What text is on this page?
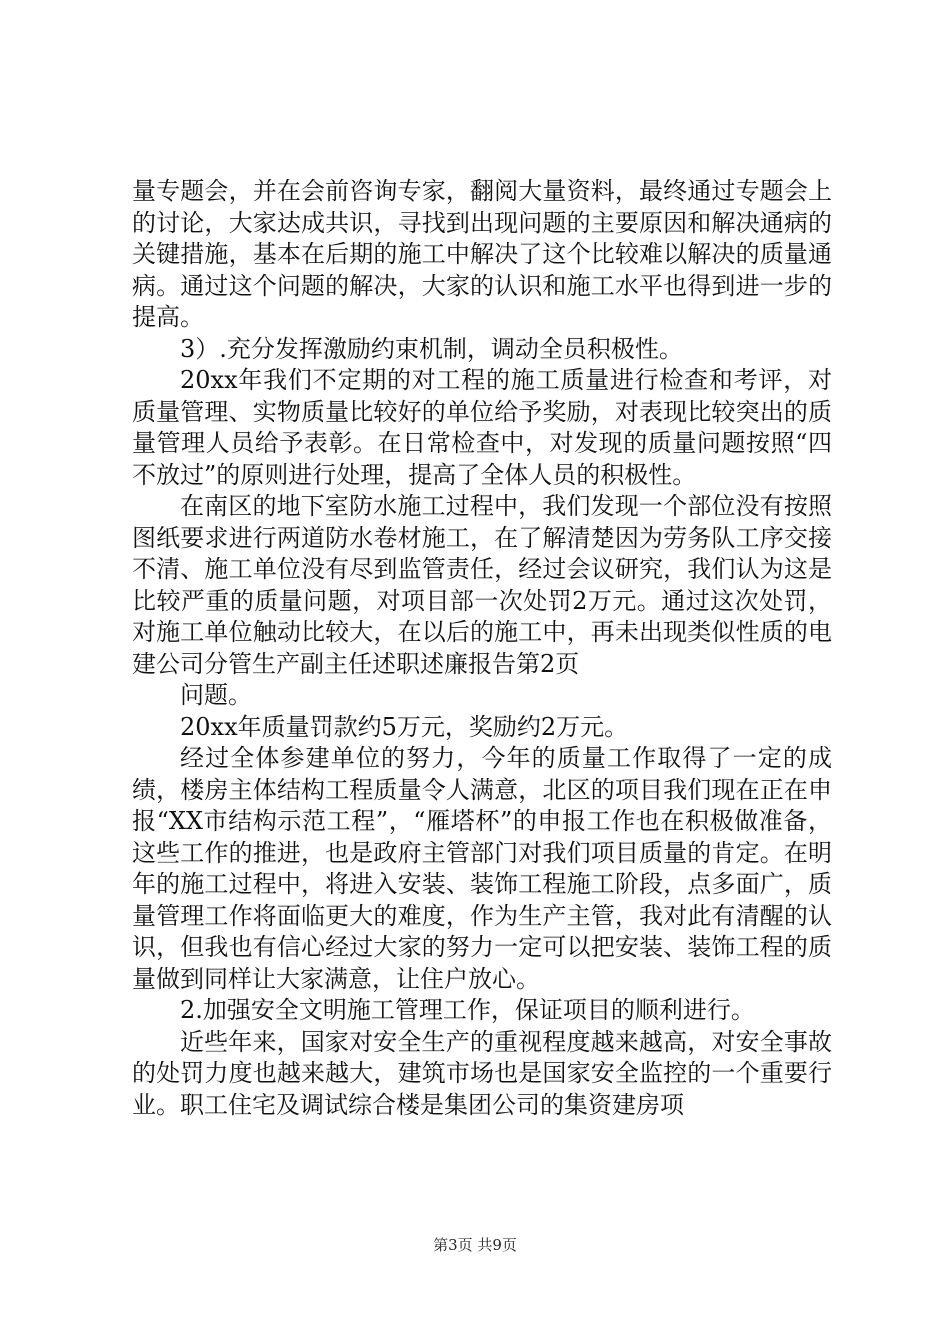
量专题会，并在会前咨询专家，翻阅大量资料，最终通过专题会上的讨论，大家达成共识，寻找到出现问题的主要原因和解决通病的关键措施，基本在后期的施工中解决了这个比较难以解决的质量通病。通过这个问题的解决，大家的认识和施工水平也得到进一步的提高。

3）.充分发挥激励约束机制，调动全员积极性。

20xx年我们不定期的对工程的施工质量进行检查和考评，对质量管理、实物质量比较好的单位给予奖励，对表现比较突出的质量管理人员给予表彰。在日常检查中，对发现的质量问题按照“四不放过”的原则进行处理，提高了全体人员的积极性。

在南区的地下室防水施工过程中，我们发现一个部位没有按照图纸要求进行两道防水卷材施工，在了解清楚因为劳务队工序交接不清、施工单位没有尽到监管责任，经过会议研究，我们认为这是比较严重的质量问题，对项目部一次处罚2万元。通过这次处罚，对施工单位触动比较大，在以后的施工中，再未出现类似性质的电建公司分管生产副主任述职述廉报告第2页

问题。

20xx年质量罚款约5万元，奖励约2万元。

经过全体参建单位的努力，今年的质量工作取得了一定的成绩，楼房主体结构工程质量令人满意，北区的项目我们现在正在申报“XX市结构示范工程”，“雁塔杯”的申报工作也在积极做准备，这些工作的推进，也是政府主管部门对我们项目质量的肯定。在明年的施工过程中，将进入安装、装饰工程施工阶段，点多面广，质量管理工作将面临更大的难度，作为生产主管，我对此有清醒的认识，但我也有信心经过大家的努力一定可以把安装、装饰工程的质量做到同样让大家满意，让住户放心。

2.加强安全文明施工管理工作，保证项目的顺利进行。

近些年来，国家对安全生产的重视程度越来越高，对安全事故的处罚力度也越来越大，建筑市场也是国家安全监控的一个重要行业。职工住宅及调试综合楼是集团公司的集资建房项

第3页 共9页
